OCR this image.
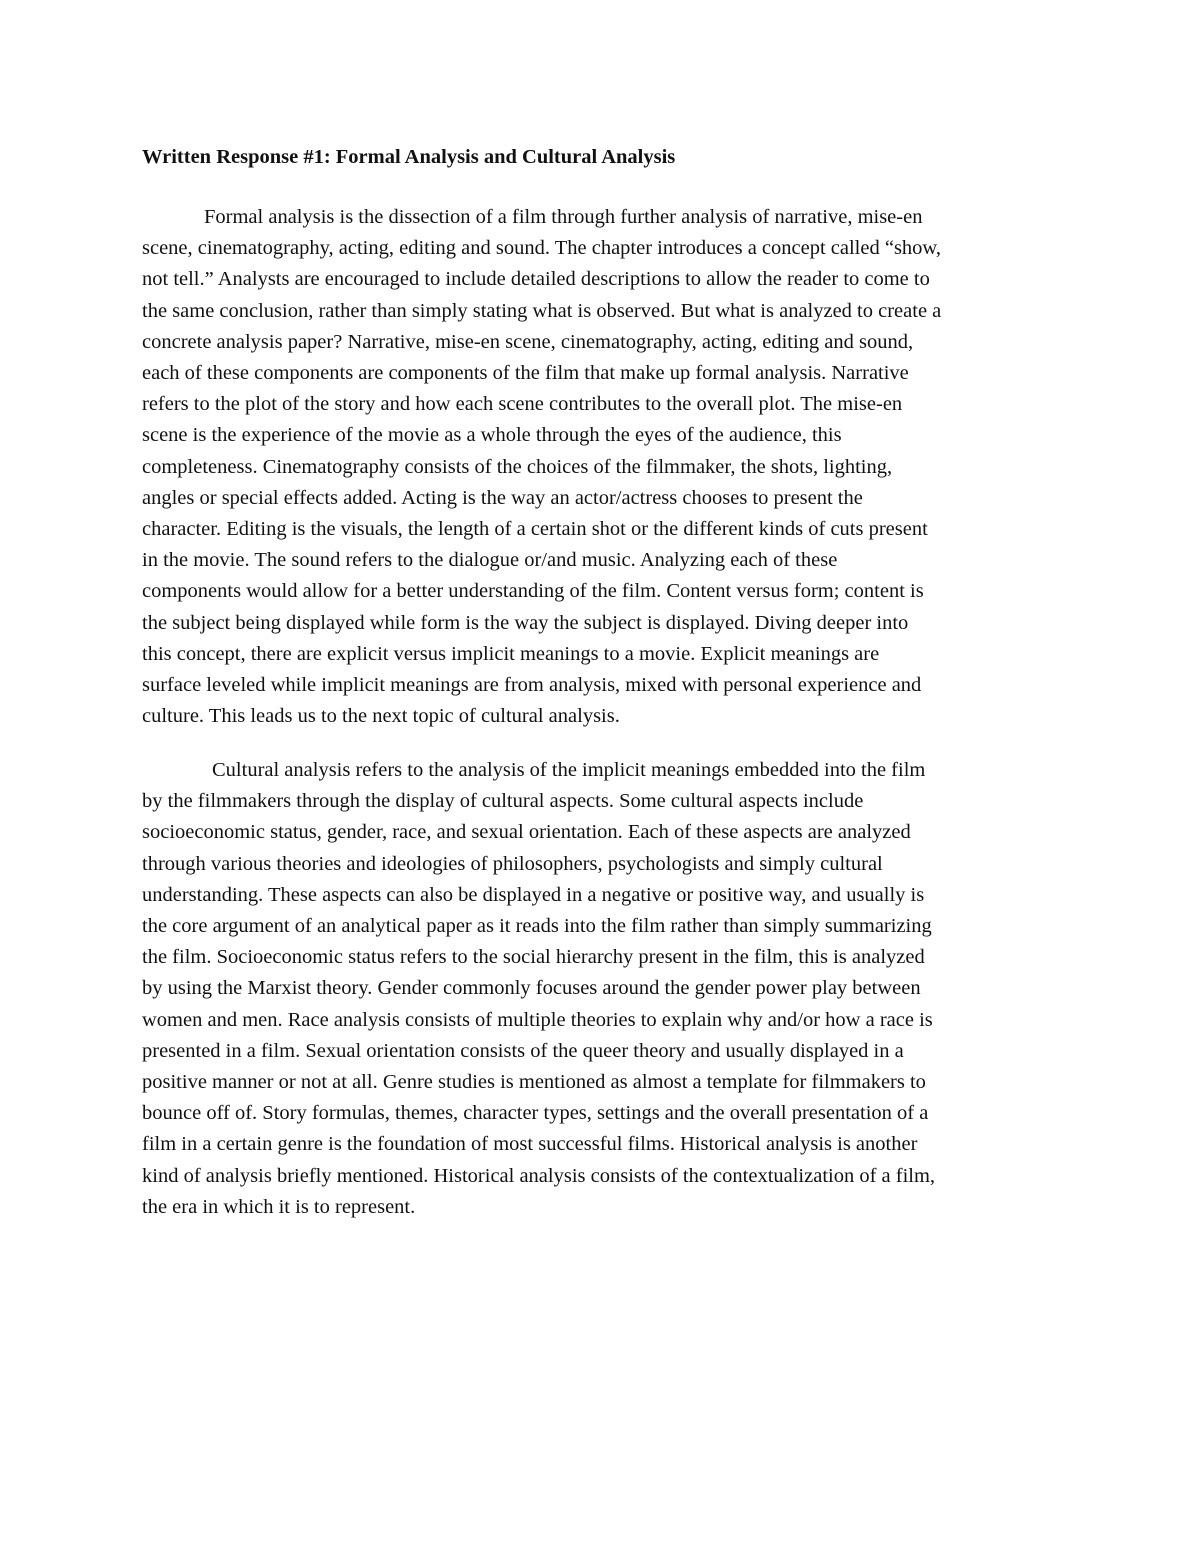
Written Response #1: Formal Analysis and Cultural Analysis

Formal analysis is the dissection of a film through further analysis of narrative, mise-en
scene, cinematography, acting, editing and sound. The chapter introduces a concept called “show,
not tell.” Analysts are encouraged to include detailed descriptions to allow the reader to come to
the same conclusion, rather than simply stating what is observed. But what is analyzed to create a
concrete analysis paper? Narrative, mise-en scene, cinematography, acting, editing and sound,
each of these components are components of the film that make up formal analysis. Narrative
refers to the plot of the story and how each scene contributes to the overall plot. The mise-en
scene is the experience of the movie as a whole through the eyes of the audience, this
completeness. Cinematography consists of the choices of the filmmaker, the shots, lighting,
angles or special effects added. Acting is the way an actor/actress chooses to present the
character. Editing is the visuals, the length of a certain shot or the different kinds of cuts present
in the movie. The sound refers to the dialogue or/and music. Analyzing each of these
components would allow for a better understanding of the film. Content versus form; content is
the subject being displayed while form is the way the subject is displayed. Diving deeper into
this concept, there are explicit versus implicit meanings to a movie. Explicit meanings are
surface leveled while implicit meanings are from analysis, mixed with personal experience and
culture. This leads us to the next topic of cultural analysis.

Cultural analysis refers to the analysis of the implicit meanings embedded into the film
by the filmmakers through the display of cultural aspects. Some cultural aspects include
socioeconomic status, gender, race, and sexual orientation. Each of these aspects are analyzed
through various theories and ideologies of philosophers, psychologists and simply cultural
understanding. These aspects can also be displayed in a negative or positive way, and usually is
the core argument of an analytical paper as it reads into the film rather than simply summarizing
the film. Socioeconomic status refers to the social hierarchy present in the film, this is analyzed
by using the Marxist theory. Gender commonly focuses around the gender power play between
women and men. Race analysis consists of multiple theories to explain why and/or how a race is
presented in a film. Sexual orientation consists of the queer theory and usually displayed in a
positive manner or not at all. Genre studies is mentioned as almost a template for filmmakers to
bounce off of. Story formulas, themes, character types, settings and the overall presentation of a
film in a certain genre is the foundation of most successful films. Historical analysis is another
kind of analysis briefly mentioned. Historical analysis consists of the contextualization of a film,
the era in which it is to represent.
